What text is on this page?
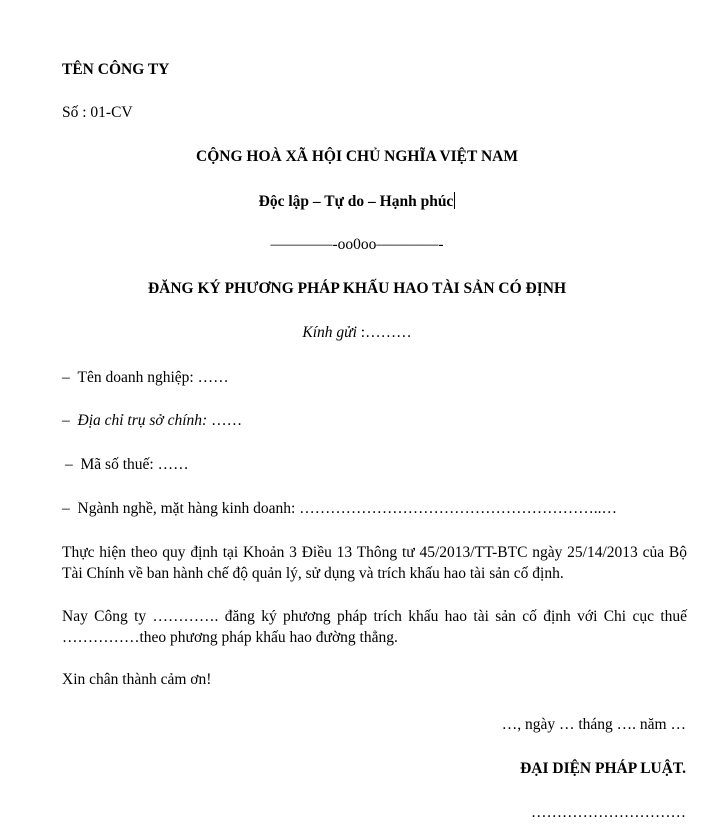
TÊN CÔNG TY
Số : 01-CV
CỘNG HOÀ XÃ HỘI CHỦ NGHĨA VIỆT NAM
Độc lập – Tự do – Hạnh phúc
————-oo0oo————-
ĐĂNG KÝ PHƯƠNG PHÁP KHẤU HAO TÀI SẢN CÓ ĐỊNH
Kính gửi :………
– Tên doanh nghiệp: ……
– Địa chỉ trụ sở chính: ……
– Mã số thuế: ……
– Ngành nghề, mặt hàng kinh doanh: …………………………………………………..…
Thực hiện theo quy định tại Khoản 3 Điều 13 Thông tư 45/2013/TT-BTC ngày 25/14/2013 của Bộ Tài Chính về ban hành chế độ quản lý, sử dụng và trích khấu hao tài sản cố định.
Nay Công ty …………. đăng ký phương pháp trích khấu hao tài sản cố định với Chi cục thuế ……………theo phương pháp khấu hao đường thẳng.
Xin chân thành cảm ơn!
…, ngày … tháng …. năm …
ĐẠI DIỆN PHÁP LUẬT.
…………………………
